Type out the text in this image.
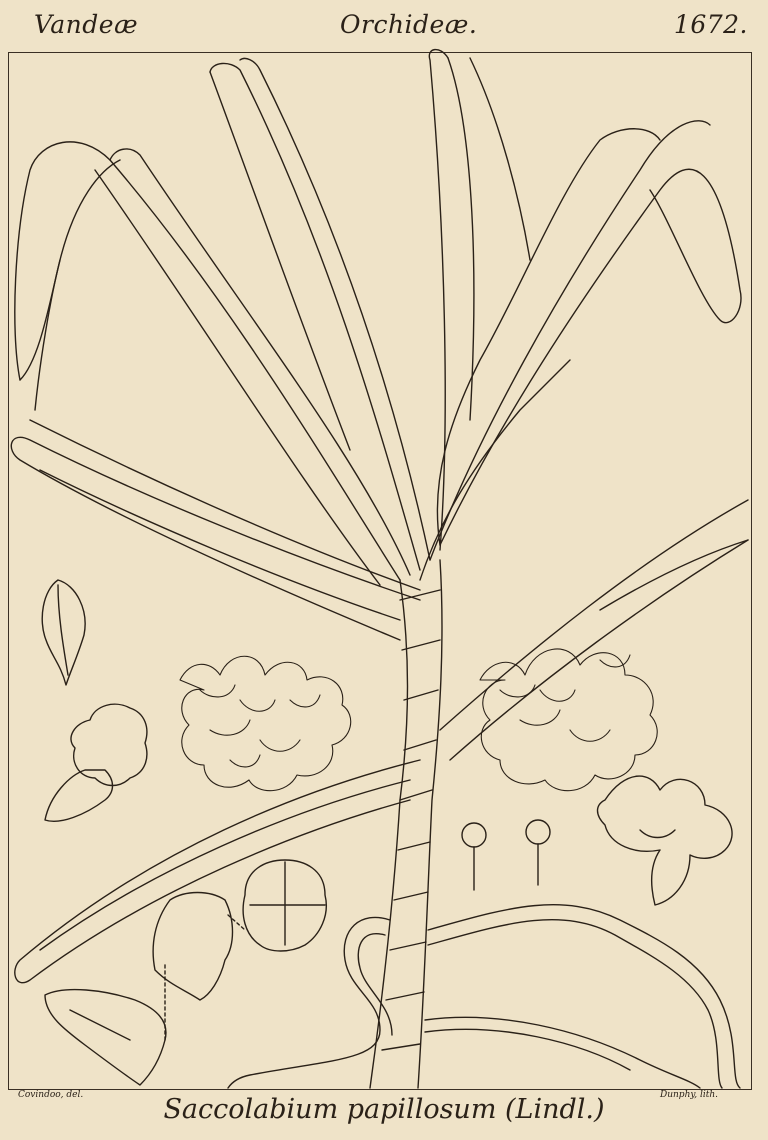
Vandeæ	Orchideæ.	1672.
Covindoo, del.	Dunphy, lith.
Saccolabium papillosum (Lindl.)
